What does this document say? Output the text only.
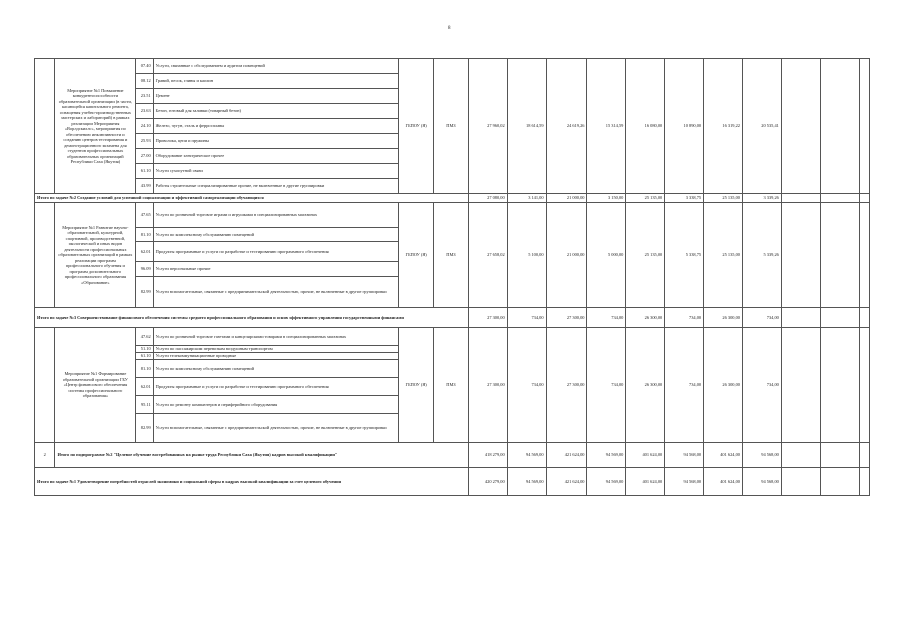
8
	Мероприятие №1 Повышение конкурентоспособности образовательной организации (в части, касающейся капитального ремонта, оснащения учебно-производственных мастерских и лабораторий) в рамках реализации Мероприятия «Ворлдскиллс», мероприятия по обеспечению инклюзивности и созданию центров тестирования и демонстрационного экзамена для студентов профессиональных образовательных организаций Республики Саха (Якутия)	07.40	Услуги, связанные с обследованием и аудитом помещений	ГБПОУ (Я)	ПМЗ	27 960,02	18 614,59	24 619,26	15 314,59	16 080,00	10 890,00	16 319,22	20 535,41			
		08.12	Гравий, песок, глины и каолин													
		23.51	Цемент													
		23.63	Бетон, готовый для заливки (товарный бетон)													
		24.10	Железо, чугун, сталь и ферросплавы													
		25.93	Проволока, цепи и пружины													
		27.00	Оборудование электрическое прочее													
		61.10	Услуги сухопутной связи													
		43.99	Работы строительные специализированные прочие, не включенные в другие группировки													
Итого по задаче №2 Создание условий для успешной социализации и эффективной самореализации обучающихся						27 080,00	3 141,00	21 000,00	3 150,00	25 135,00	3 338,75	25 135,00	3 339,26			
	Мероприятие №1 Развитие научно-образовательной, культурной, спортивной, производственной, экологической и иных видов деятельности профессиональных образовательных организаций в рамках реализации программ профессионального обучения и программ дополнительного профессионального образования «Образование»	47.65	Услуги по розничной торговле играми и игрушками в специализированных магазинах	ГБПОУ (Я)	ПМЗ	27 658,02	5 100,00	21 000,00	5 000,00	25 135,00	5 338,75	25 135,00	5 339,26			
		81.10	Услуги по комплексному обслуживанию помещений													
		62.01	Продукты программные и услуги по разработке и тестированию программного обеспечения													
		96.09	Услуги персональные прочие													
		82.99	Услуги вспомогательные, связанные с предпринимательской деятельностью, прочие, не включенные в другие группировки													
Итого по задаче №3 Совершенствование финансового обеспечения системы среднего профессионального образования и основ эффективного управления государственными финансами						27 300,00	734,00	27 300,00	734,00	26 300,00	734,00	26 300,00	734,00			
	Мероприятие №1 Формирование образовательной организации ГБУ «Центр финансового обеспечения системы профессионального образования»	47.62	Услуги по розничной торговле газетами и канцелярскими товарами в специализированных магазинах	ГБПОУ (Я)	ПМЗ	27 300,00	734,00	27 300,00	734,00	26 300,00	734,00	26 300,00	734,00			
		51.10	Услуги по пассажирским перевозкам воздушным транспортом													
		61.10	Услуги телекоммуникационные проводные													
		81.10	Услуги по комплексному обслуживанию помещений													
		62.01	Продукты программные и услуги по разработке и тестированию программного обеспечения													
		95.11	Услуги по ремонту компьютеров и периферийного оборудования													
		82.99	Услуги вспомогательные, связанные с предпринимательской деятельностью, прочие, не включенные в другие группировки													
2	Итого по подпрограмме №2 "Целевое обучение востребованных на рынке труда Республики Саха (Якутия) кадров высокой квалификации"					418 279,00	94 569,00	421 624,00	94 569,00	401 624,00	94 568,00	401 624,00	94 568,00			
Итого по задаче №1 Удовлетворение потребностей отраслей экономики и социальной сферы в кадрах высокой квалификации за счет целевого обучения						420 279,00	94 569,00	421 624,00	94 569,00	401 624,00	94 568,00	401 624,00	94 568,00			
